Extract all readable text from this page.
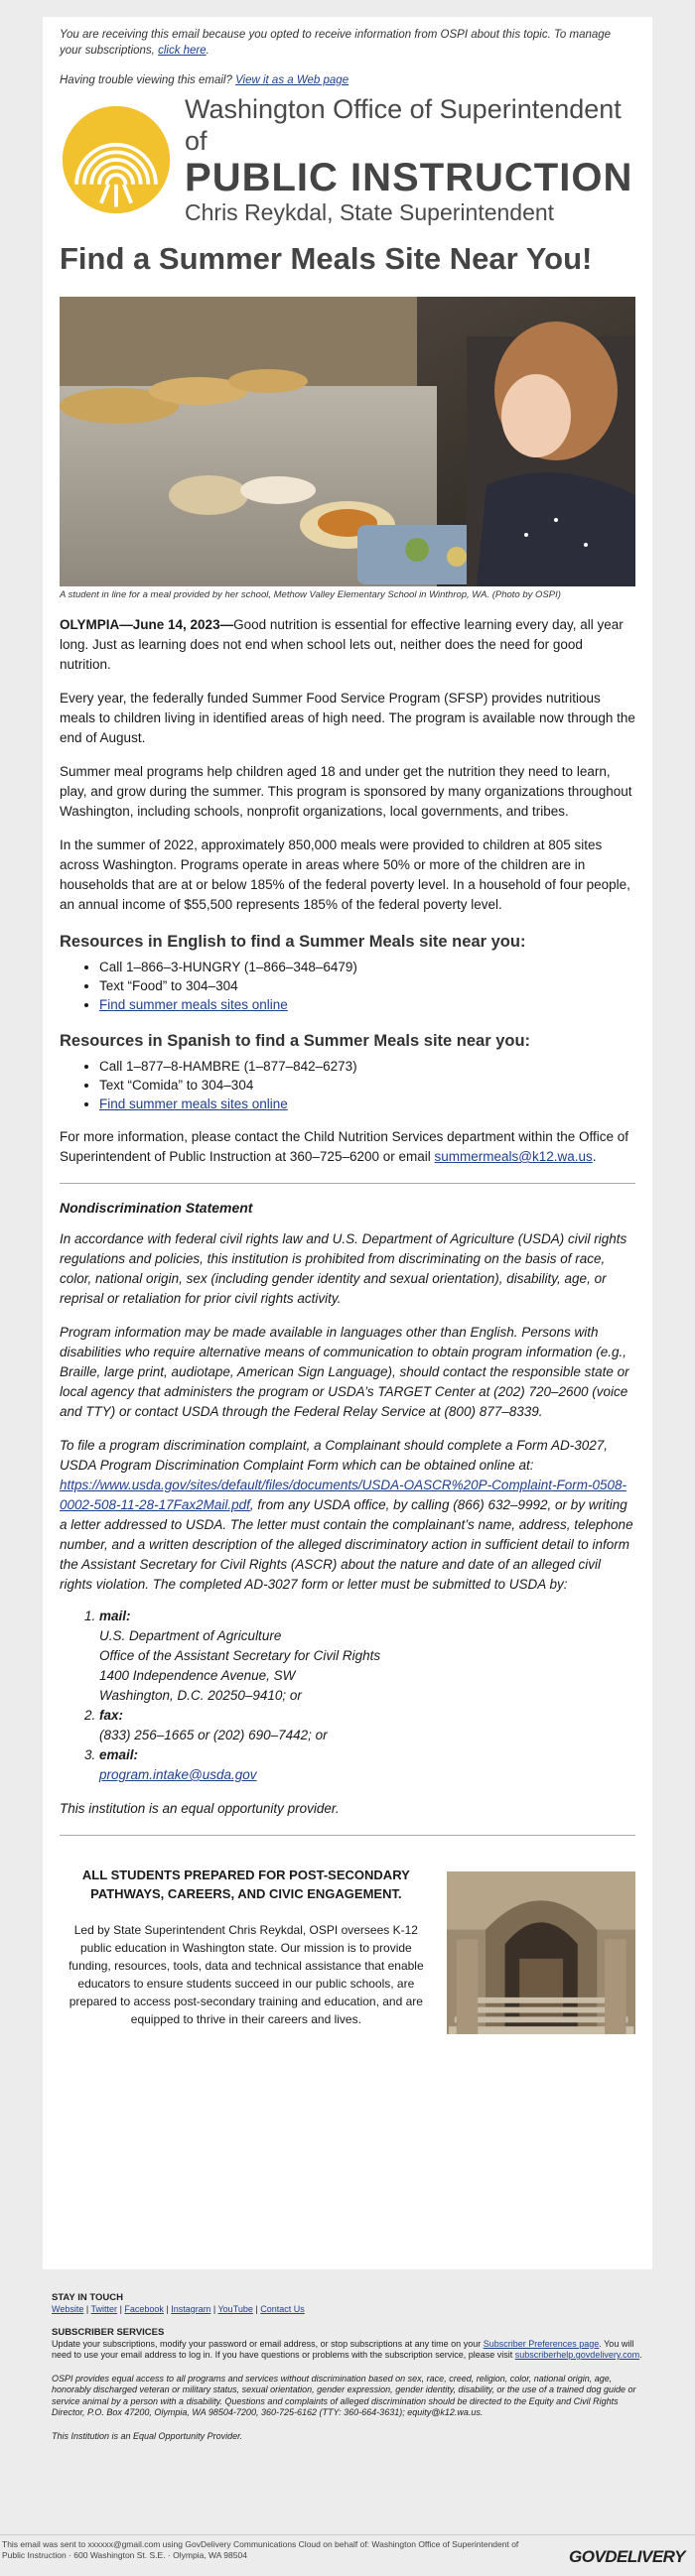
You are receiving this email because you opted to receive information from OSPI about this topic. To manage your subscriptions, click here.

Having trouble viewing this email? View it as a Web page

Washington Office of Superintendent of
PUBLIC INSTRUCTION
Chris Reykdal, State Superintendent
Find a Summer Meals Site Near You!
A student in line for a meal provided by her school, Methow Valley Elementary School in Winthrop, WA. (Photo by OSPI)

OLYMPIA—June 14, 2023—Good nutrition is essential for effective learning every day, all year long. Just as learning does not end when school lets out, neither does the need for good nutrition.

Every year, the federally funded Summer Food Service Program (SFSP) provides nutritious meals to children living in identified areas of high need. The program is available now through the end of August.

Summer meal programs help children aged 18 and under get the nutrition they need to learn, play, and grow during the summer. This program is sponsored by many organizations throughout Washington, including schools, nonprofit organizations, local governments, and tribes.

In the summer of 2022, approximately 850,000 meals were provided to children at 805 sites across Washington. Programs operate in areas where 50% or more of the children are in households that are at or below 185% of the federal poverty level. In a household of four people, an annual income of $55,500 represents 185% of the federal poverty level.

Resources in English to find a Summer Meals site near you:
• Call 1–866–3-HUNGRY (1–866–348–6479)
• Text “Food” to 304–304
• Find summer meals sites online
Resources in Spanish to find a Summer Meals site near you:
• Call 1–877–8-HAMBRE (1–877–842–6273)
• Text “Comida” to 304–304
• Find summer meals sites online

For more information, please contact the Child Nutrition Services department within the Office of Superintendent of Public Instruction at 360–725–6200 or email summermeals@k12.wa.us.

Nondiscrimination Statement

In accordance with federal civil rights law and U.S. Department of Agriculture (USDA) civil rights regulations and policies, this institution is prohibited from discriminating on the basis of race, color, national origin, sex (including gender identity and sexual orientation), disability, age, or reprisal or retaliation for prior civil rights activity.

Program information may be made available in languages other than English. Persons with disabilities who require alternative means of communication to obtain program information (e.g., Braille, large print, audiotape, American Sign Language), should contact the responsible state or local agency that administers the program or USDA’s TARGET Center at (202) 720–2600 (voice and TTY) or contact USDA through the Federal Relay Service at (800) 877–8339.

To file a program discrimination complaint, a Complainant should complete a Form AD-3027, USDA Program Discrimination Complaint Form which can be obtained online at: https://www.usda.gov/sites/default/files/documents/USDA-OASCR%20P-Complaint-Form-0508-0002-508-11-28-17Fax2Mail.pdf, from any USDA office, by calling (866) 632–9992, or by writing a letter addressed to USDA. The letter must contain the complainant’s name, address, telephone number, and a written description of the alleged discriminatory action in sufficient detail to inform the Assistant Secretary for Civil Rights (ASCR) about the nature and date of an alleged civil rights violation. The completed AD-3027 form or letter must be submitted to USDA by:

1. mail:
U.S. Department of Agriculture
Office of the Assistant Secretary for Civil Rights
1400 Independence Avenue, SW
Washington, D.C. 20250–9410; or
2. fax:
(833) 256–1665 or (202) 690–7442; or
3. email:
program.intake@usda.gov

This institution is an equal opportunity provider.

ALL STUDENTS PREPARED FOR POST-SECONDARY PATHWAYS, CAREERS, AND CIVIC ENGAGEMENT.
Led by State Superintendent Chris Reykdal, OSPI oversees K-12 public education in Washington state. Our mission is to provide funding, resources, tools, data and technical assistance that enable educators to ensure students succeed in our public schools, are prepared to access post-secondary training and education, and are equipped to thrive in their careers and lives.
STAY IN TOUCH
Website | Twitter | Facebook | Instagram | YouTube | Contact Us
SUBSCRIBER SERVICES
Update your subscriptions, modify your password or email address, or stop subscriptions at any time on your Subscriber Preferences page. You will need to use your email address to log in. If you have questions or problems with the subscription service, please visit subscriberhelp.govdelivery.com.
OSPI provides equal access to all programs and services without discrimination based on sex, race, creed, religion, color, national origin, age, honorably discharged veteran or military status, sexual orientation, gender expression, gender identity, disability, or the use of a trained dog guide or service animal by a person with a disability. Questions and complaints of alleged discrimination should be directed to the Equity and Civil Rights Director, P.O. Box 47200, Olympia, WA 98504-7200, 360-725-6162 (TTY: 360-664-3631); equity@k12.wa.us.
This Institution is an Equal Opportunity Provider.
This email was sent to xxxxxx@gmail.com using GovDelivery Communications Cloud on behalf of: Washington Office of Superintendent of Public Instruction · 600 Washington St. S.E. · Olympia, WA 98504	GOVDELIVERY
